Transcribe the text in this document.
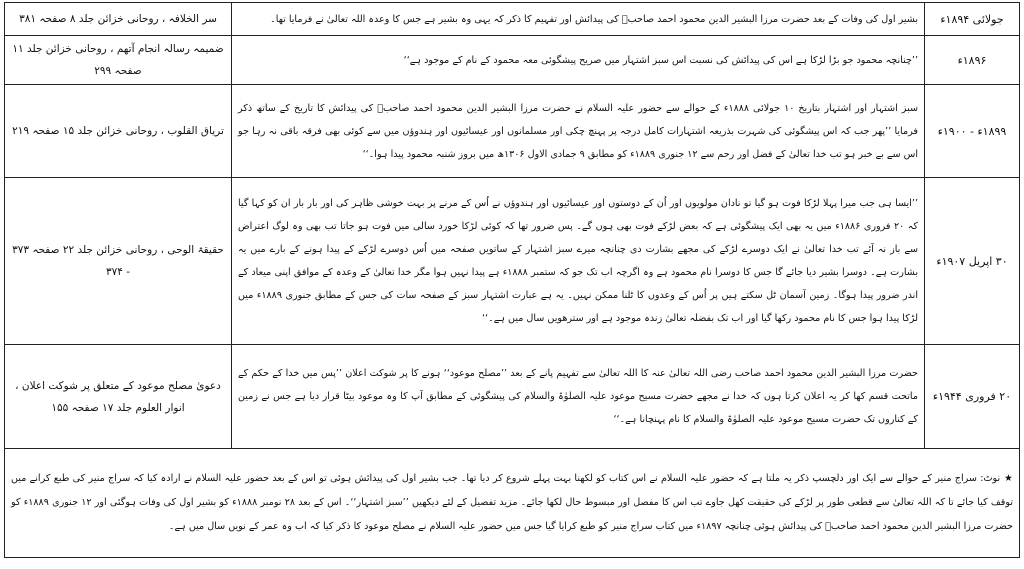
جولائی ۱۸۹۴ء	بشیر اول کی وفات کے بعد حضرت مرزا البشیر الدین محمود احمد صاحبؓ کی پیدائش اور تفہیم کا ذکر کہ یہی وہ بشیر ہے جس کا وعدہ اللہ تعالیٰ نے فرمایا تھا۔	سر الخلافہ ، روحانی خزائن جلد ۸ صفحہ ۳۸۱
۱۸۹۶ء	’’چنانچہ محمود جو بڑا لڑکا ہے اس کی پیدائش کی نسبت اس سبز اشتہار میں صریح پیشگوئی معہ محمود کے نام کے موجود ہے‘‘	ضمیمہ رسالہ انجام آتھم ، روحانی خزائن جلد ۱۱ صفحہ ۲۹۹
۱۸۹۹ء - ۱۹۰۰ء	سبز اشتہار اور اشتہار بتاریخ ۱۰ جولائی ۱۸۸۸ء کے حوالے سے حضور علیہ السلام نے حضرت مرزا البشیر الدین محمود احمد صاحبؓ کی پیدائش کا تاریخ کے ساتھ ذکر فرمایا ’’پھر جب کہ اس پیشگوئی کی شہرت بذریعہ اشتہارات کامل درجہ پر پہنچ چکی اور مسلمانوں اور عیسائیوں اور ہندوؤں میں سے کوئی بھی فرقہ باقی نہ رہا جو اس سے بے خبر ہو تب خدا تعالیٰ کے فضل اور رحم سے ۱۲ جنوری ۱۸۸۹ء کو مطابق ۹ جمادی الاول ۱۳۰۶ھ میں بروز شنبہ محمود پیدا ہوا۔‘‘	تریاق القلوب ، روحانی خزائن جلد ۱۵ صفحہ ۲۱۹
۳۰ اپریل ۱۹۰۷ء	’’ایسا ہی جب میرا پہلا لڑکا فوت ہو گیا تو نادان مولویوں اور اُن کے دوستوں اور عیسائیوں اور ہندوؤں نے اُس کے مرنے پر بہت خوشی ظاہر کی اور بار بار ان کو کہا گیا کہ ۲۰ فروری ۱۸۸۶ء میں یہ بھی ایک پیشگوئی ہے کہ بعض لڑکے فوت بھی ہوں گے۔ پس ضرور تھا کہ کوئی لڑکا خورد سالی میں فوت ہو جاتا تب بھی وہ لوگ اعتراض سے باز نہ آئے تب خدا تعالیٰ نے ایک دوسرے لڑکے کی مجھے بشارت دی چنانچہ میرے سبز اشتہار کے ساتویں صفحہ میں اُس دوسرے لڑکے کے پیدا ہونے کے بارے میں یہ بشارت ہے۔ دوسرا بشیر دیا جائے گا جس کا دوسرا نام محمود ہے وہ اگرچہ اب تک جو کہ ستمبر ۱۸۸۸ء ہے پیدا نہیں ہوا مگر خدا تعالیٰ کے وعدہ کے موافق اپنی میعاد کے اندر ضرور پیدا ہوگا۔ زمین آسمان ٹل سکتے ہیں پر اُس کے وعدوں کا ٹلنا ممکن نہیں۔ یہ ہے عبارت اشتہار سبز کے صفحہ سات کی جس کے مطابق جنوری ۱۸۸۹ء میں لڑکا پیدا ہوا جس کا نام محمود رکھا گیا اور اب تک بفضلہ تعالیٰ زندہ موجود ہے اور سترھویں سال میں ہے۔‘‘	حقیقۃ الوحی ، روحانی خزائن جلد ۲۲ صفحہ ۳۷۳ - ۳۷۴
۲۰ فروری ۱۹۴۴ء	حضرت مرزا البشیر الدین محمود احمد صاحب رضی اللہ تعالیٰ عنہ کا اللہ تعالیٰ سے تفہیم پانے کے بعد ’’مصلح موعود‘‘ ہونے کا پر شوکت اعلان ’’پس میں خدا کے حکم کے ماتحت قسم کھا کر یہ اعلان کرتا ہوں کہ خدا نے مجھے حضرت مسیح موعود علیہ الصلوٰۃ والسلام کی پیشگوئی کے مطابق آپ کا وہ موعود بیٹا قرار دیا ہے جس نے زمین کے کناروں تک حضرت مسیح موعود علیہ الصلوٰۃ والسلام کا نام پہنچانا ہے۔‘‘	دعویٰ مصلح موعود کے متعلق پر شوکت اعلان ، انوار العلوم جلد ۱۷ صفحہ ۱۵۵
★نوٹ: سراج منیر کے حوالے سے ایک اور دلچسپ ذکر یہ ملتا ہے کہ حضور علیہ السلام نے اس کتاب کو لکھنا بہت پہلے شروع کر دیا تھا۔ جب بشیر اول کی پیدائش ہوئی تو اس کے بعد حضور علیہ السلام نے ارادہ کیا کہ سراج منیر کی طبع کرانے میں توقف کیا جائے تا کہ اللہ تعالیٰ سے قطعی طور پر لڑکے کی حقیقت کھل جاوے تب اس کا مفصل اور مبسوط حال لکھا جائے۔ مزید تفصیل کے لئے دیکھیں ’’سبز اشتہار‘‘۔ اس کے بعد ۲۸ نومبر ۱۸۸۸ء کو بشیر اول کی وفات ہوگئی اور ۱۲ جنوری ۱۸۸۹ء کو حضرت مرزا البشیر الدین محمود احمد صاحبؓ کی پیدائش ہوئی چنانچہ ۱۸۹۷ء میں کتاب سراج منیر کو طبع کرایا گیا جس میں حضور علیہ السلام نے مصلح موعود کا ذکر کیا کہ اب وہ عمر کے نویں سال میں ہے۔		
